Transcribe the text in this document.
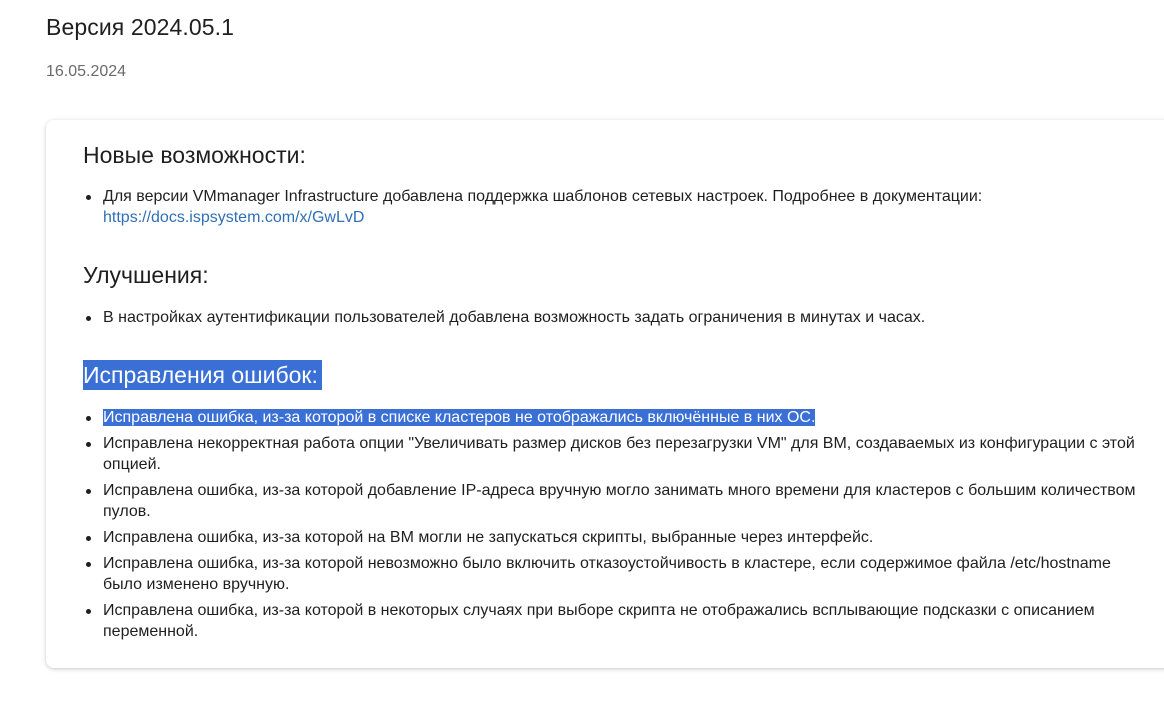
Версия 2024.05.1
16.05.2024
Новые возможности:
Для версии VMmanager Infrastructure добавлена поддержка шаблонов сетевых настроек. Подробнее в документации:
https://docs.ispsystem.com/x/GwLvD
Улучшения:
В настройках аутентификации пользователей добавлена возможность задать ограничения в минутах и часах.
Исправления ошибок:
Исправлена ошибка, из-за которой в списке кластеров не отображались включённые в них ОС.
Исправлена некорректная работа опции "Увеличивать размер дисков без перезагрузки VM" для ВМ, создаваемых из конфигурации с этой опцией.
Исправлена ошибка, из-за которой добавление IP-адреса вручную могло занимать много времени для кластеров с большим количеством пулов.
Исправлена ошибка, из-за которой на ВМ могли не запускаться скрипты, выбранные через интерфейс.
Исправлена ошибка, из-за которой невозможно было включить отказоустойчивость в кластере, если содержимое файла /etc/hostname было изменено вручную.
Исправлена ошибка, из-за которой в некоторых случаях при выборе скрипта не отображались всплывающие подсказки с описанием переменной.
